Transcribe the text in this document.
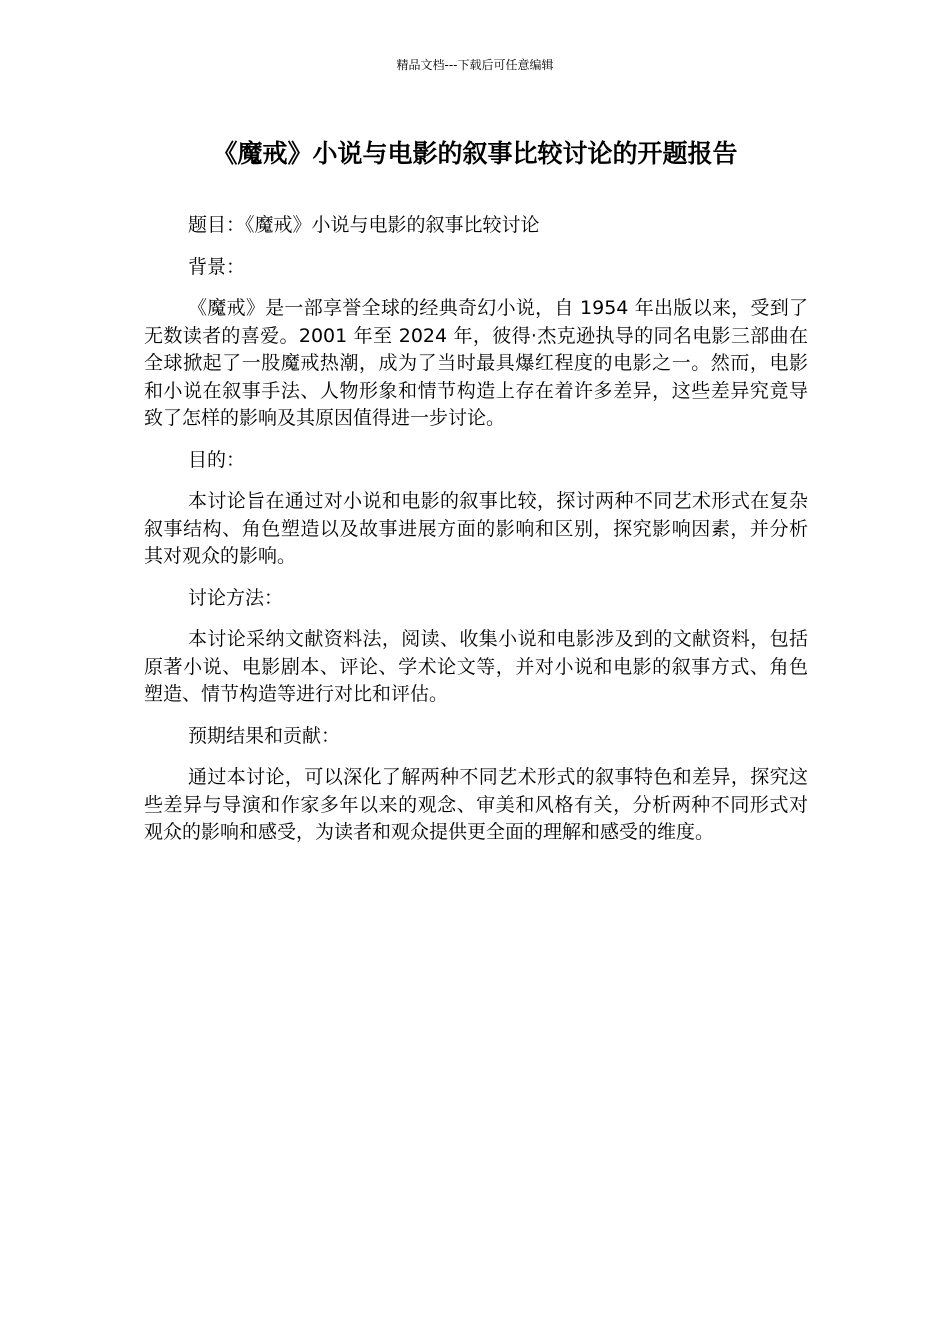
精品文档---下载后可任意编辑
《魔戒》小说与电影的叙事比较讨论的开题报告

题目：《魔戒》小说与电影的叙事比较讨论

背景：

《魔戒》是一部享誉全球的经典奇幻小说，自 1954 年出版以来，受到了无数读者的喜爱。2001 年至 2024 年，彼得·杰克逊执导的同名电影三部曲在全球掀起了一股魔戒热潮，成为了当时最具爆红程度的电影之一。然而，电影和小说在叙事手法、人物形象和情节构造上存在着许多差异，这些差异究竟导致了怎样的影响及其原因值得进一步讨论。

目的：

本讨论旨在通过对小说和电影的叙事比较，探讨两种不同艺术形式在复杂叙事结构、角色塑造以及故事进展方面的影响和区别，探究影响因素，并分析其对观众的影响。

讨论方法：

本讨论采纳文献资料法，阅读、收集小说和电影涉及到的文献资料，包括原著小说、电影剧本、评论、学术论文等，并对小说和电影的叙事方式、角色塑造、情节构造等进行对比和评估。

预期结果和贡献：

通过本讨论，可以深化了解两种不同艺术形式的叙事特色和差异，探究这些差异与导演和作家多年以来的观念、审美和风格有关，分析两种不同形式对观众的影响和感受，为读者和观众提供更全面的理解和感受的维度。
